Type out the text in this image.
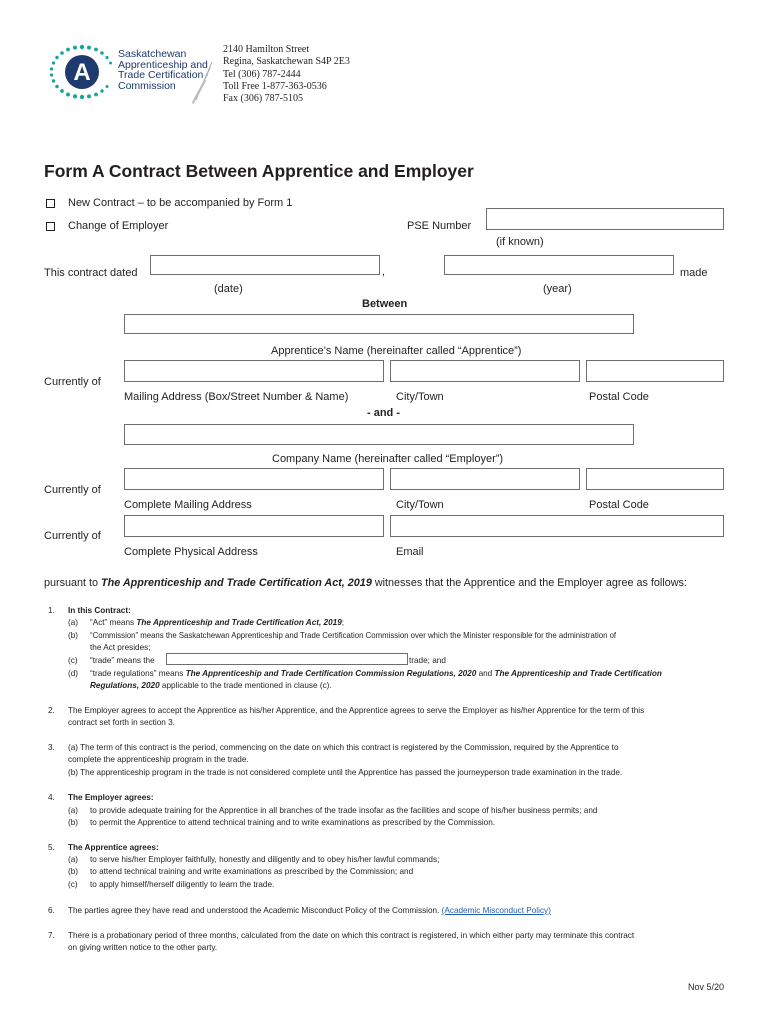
A
Saskatchewan
Apprenticeship and
Trade Certification
Commission
2140 Hamilton Street
Regina, Saskatchewan S4P 2E3
Tel (306) 787-2444
Toll Free 1-877-363-0536
Fax (306) 787-5105
Form A Contract Between Apprentice and Employer
New Contract – to be accompanied by Form 1
Change of Employer	PSE Number
(if known)
This contract dated	,	made
(date)	(year)
Between
Apprentice’s Name (hereinafter called “Apprentice”)
Currently of
Mailing Address (Box/Street Number & Name)	City/Town	Postal Code
- and -
Company Name (hereinafter called “Employer”)
Currently of
Complete Mailing Address	City/Town	Postal Code
Currently of
Complete Physical Address	Email
pursuant to The Apprenticeship and Trade Certification Act, 2019 witnesses that the Apprentice and the Employer agree as follows:
1. In this Contract:
(a)	“Act” means The Apprenticeship and Trade Certification Act, 2019;
(b)	“Commission” means the Saskatchewan Apprenticeship and Trade Certification Commission over which the Minister responsible for the administration of
the Act presides;
(c)	“trade” means the	trade; and
(d)	“trade regulations” means The Apprenticeship and Trade Certification Commission Regulations, 2020 and The Apprenticeship and Trade Certification
Regulations, 2020 applicable to the trade mentioned in clause (c).
2. The Employer agrees to accept the Apprentice as his/her Apprentice, and the Apprentice agrees to serve the Employer as his/her Apprentice for the term of this
contract set forth in section 3.
3. (a) The term of this contract is the period, commencing on the date on which this contract is registered by the Commission, required by the Apprentice to
complete the apprenticeship program in the trade.
(b) The apprenticeship program in the trade is not considered complete until the Apprentice has passed the journeyperson trade examination in the trade.
4. The Employer agrees:
(a)	to provide adequate training for the Apprentice in all branches of the trade insofar as the facilities and scope of his/her business permits; and
(b)	to permit the Apprentice to attend technical training and to write examinations as prescribed by the Commission.
5. The Apprentice agrees:
(a)	to serve his/her Employer faithfully, honestly and diligently and to obey his/her lawful commands;
(b)	to attend technical training and write examinations as prescribed by the Commission; and
(c)	to apply himself/herself diligently to learn the trade.
6. The parties agree they have read and understood the Academic Misconduct Policy of the Commission. (Academic Misconduct Policy)
7. There is a probationary period of three months, calculated from the date on which this contract is registered, in which either party may terminate this contract
on giving written notice to the other party.
Nov 5/20
